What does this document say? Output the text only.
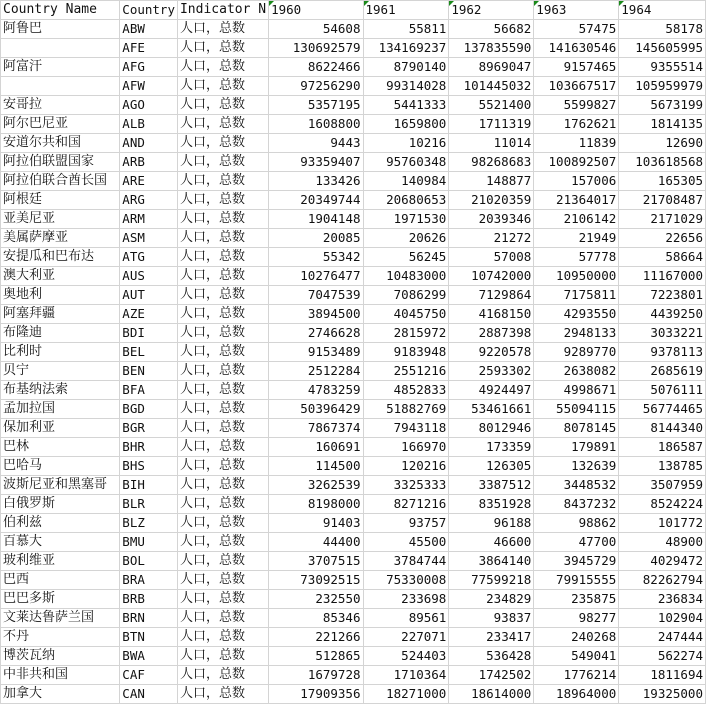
Country Name	Country	Indicator N	1960	1961	1962	1963	1964

阿鲁巴	ABW	人口，总数	54608	55811	56682	57475	58178
	AFE	人口，总数	130692579	134169237	137835590	141630546	145605995
阿富汗	AFG	人口，总数	8622466	8790140	8969047	9157465	9355514
	AFW	人口，总数	97256290	99314028	101445032	103667517	105959979
安哥拉	AGO	人口，总数	5357195	5441333	5521400	5599827	5673199
阿尔巴尼亚	ALB	人口，总数	1608800	1659800	1711319	1762621	1814135
安道尔共和国	AND	人口，总数	9443	10216	11014	11839	12690
阿拉伯联盟国家	ARB	人口，总数	93359407	95760348	98268683	100892507	103618568
阿拉伯联合酋长国	ARE	人口，总数	133426	140984	148877	157006	165305
阿根廷	ARG	人口，总数	20349744	20680653	21020359	21364017	21708487
亚美尼亚	ARM	人口，总数	1904148	1971530	2039346	2106142	2171029
美属萨摩亚	ASM	人口，总数	20085	20626	21272	21949	22656
安提瓜和巴布达	ATG	人口，总数	55342	56245	57008	57778	58664
澳大利亚	AUS	人口，总数	10276477	10483000	10742000	10950000	11167000
奥地利	AUT	人口，总数	7047539	7086299	7129864	7175811	7223801
阿塞拜疆	AZE	人口，总数	3894500	4045750	4168150	4293550	4439250
布隆迪	BDI	人口，总数	2746628	2815972	2887398	2948133	3033221
比利时	BEL	人口，总数	9153489	9183948	9220578	9289770	9378113
贝宁	BEN	人口，总数	2512284	2551216	2593302	2638082	2685619
布基纳法索	BFA	人口，总数	4783259	4852833	4924497	4998671	5076111
孟加拉国	BGD	人口，总数	50396429	51882769	53461661	55094115	56774465
保加利亚	BGR	人口，总数	7867374	7943118	8012946	8078145	8144340
巴林	BHR	人口，总数	160691	166970	173359	179891	186587
巴哈马	BHS	人口，总数	114500	120216	126305	132639	138785
波斯尼亚和黑塞哥	BIH	人口，总数	3262539	3325333	3387512	3448532	3507959
白俄罗斯	BLR	人口，总数	8198000	8271216	8351928	8437232	8524224
伯利兹	BLZ	人口，总数	91403	93757	96188	98862	101772
百慕大	BMU	人口，总数	44400	45500	46600	47700	48900
玻利维亚	BOL	人口，总数	3707515	3784744	3864140	3945729	4029472
巴西	BRA	人口，总数	73092515	75330008	77599218	79915555	82262794
巴巴多斯	BRB	人口，总数	232550	233698	234829	235875	236834
文莱达鲁萨兰国	BRN	人口，总数	85346	89561	93837	98277	102904
不丹	BTN	人口，总数	221266	227071	233417	240268	247444
博茨瓦纳	BWA	人口，总数	512865	524403	536428	549041	562274
中非共和国	CAF	人口，总数	1679728	1710364	1742502	1776214	1811694
加拿大	CAN	人口，总数	17909356	18271000	18614000	18964000	19325000
